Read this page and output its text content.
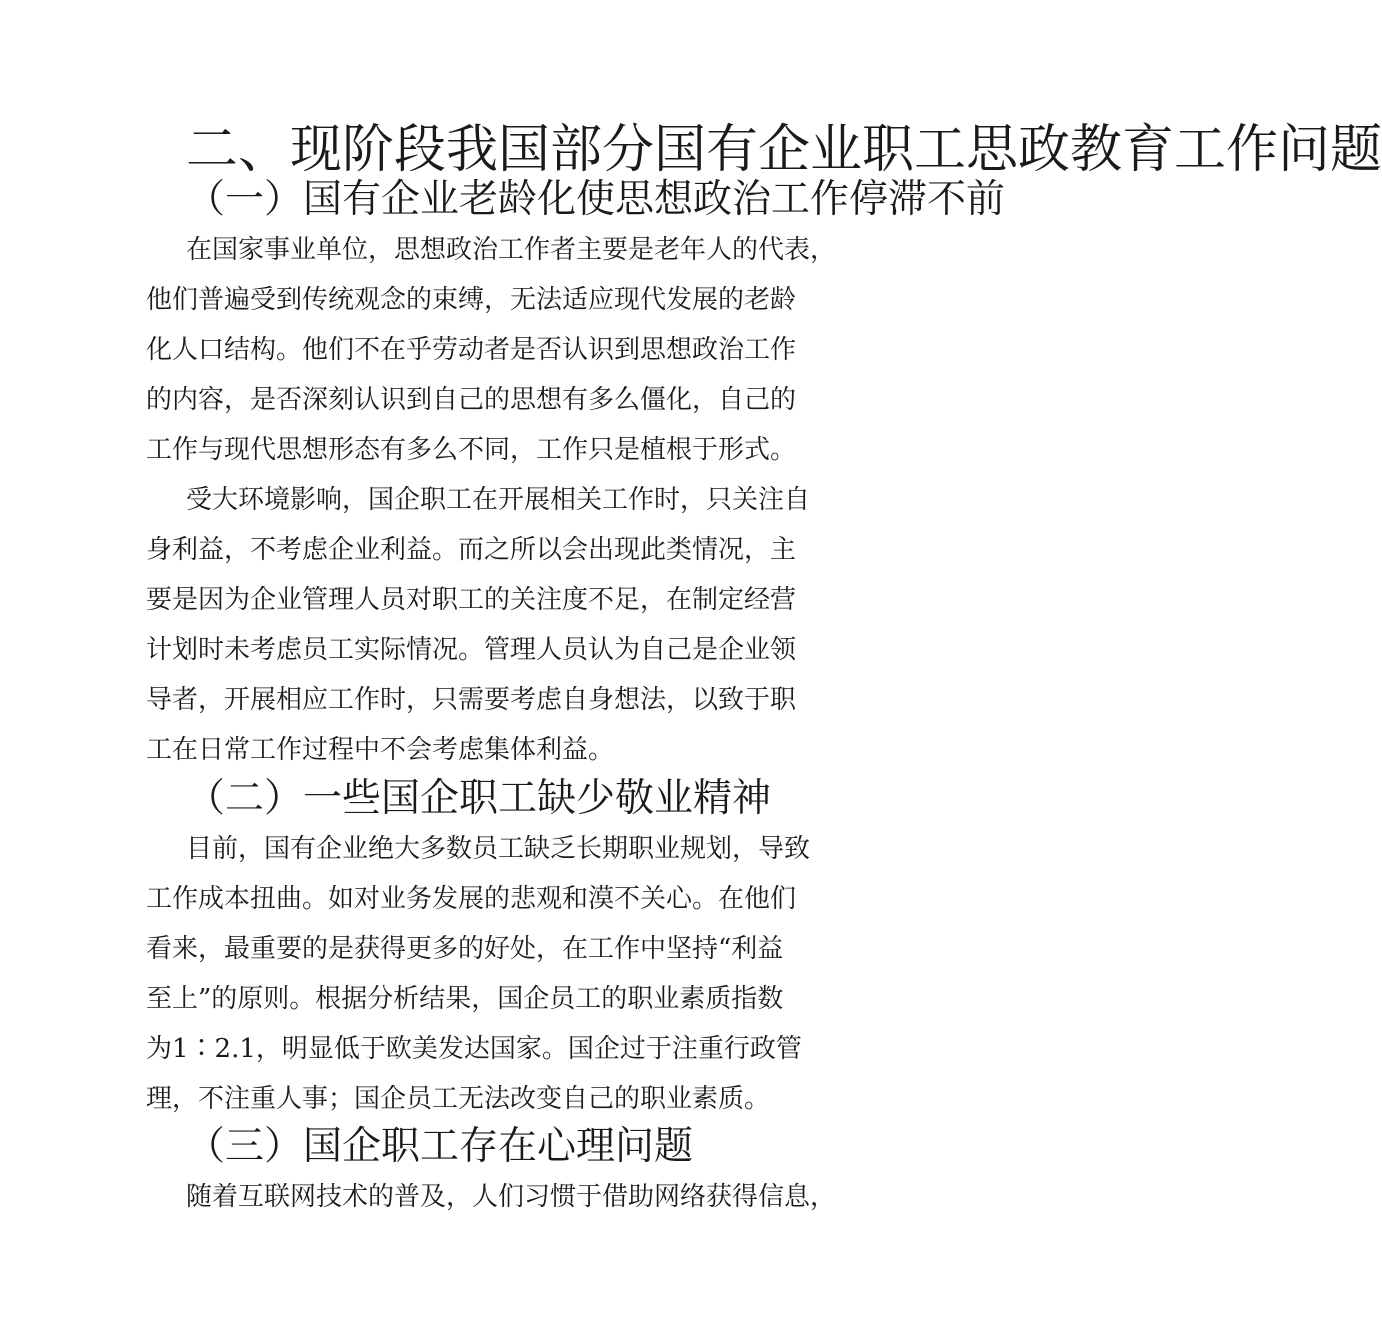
二、现阶段我国部分国有企业职工思政教育工作问题
（一）国有企业老龄化使思想政治工作停滞不前
在国家事业单位，思想政治工作者主要是老年人的代表，
他们普遍受到传统观念的束缚，无法适应现代发展的老龄
化人口结构。他们不在乎劳动者是否认识到思想政治工作
的内容，是否深刻认识到自己的思想有多么僵化，自己的
工作与现代思想形态有多么不同，工作只是植根于形式。
受大环境影响，国企职工在开展相关工作时，只关注自
身利益，不考虑企业利益。而之所以会出现此类情况，主
要是因为企业管理人员对职工的关注度不足，在制定经营
计划时未考虑员工实际情况。管理人员认为自己是企业领
导者，开展相应工作时，只需要考虑自身想法，以致于职
工在日常工作过程中不会考虑集体利益。
（二）一些国企职工缺少敬业精神
目前，国有企业绝大多数员工缺乏长期职业规划，导致
工作成本扭曲。如对业务发展的悲观和漠不关心。在他们
看来，最重要的是获得更多的好处，在工作中坚持“利益
至上”的原则。根据分析结果，国企员工的职业素质指数
为1∶2.1，明显低于欧美发达国家。国企过于注重行政管
理，不注重人事；国企员工无法改变自己的职业素质。
（三）国企职工存在心理问题
随着互联网技术的普及，人们习惯于借助网络获得信息，
